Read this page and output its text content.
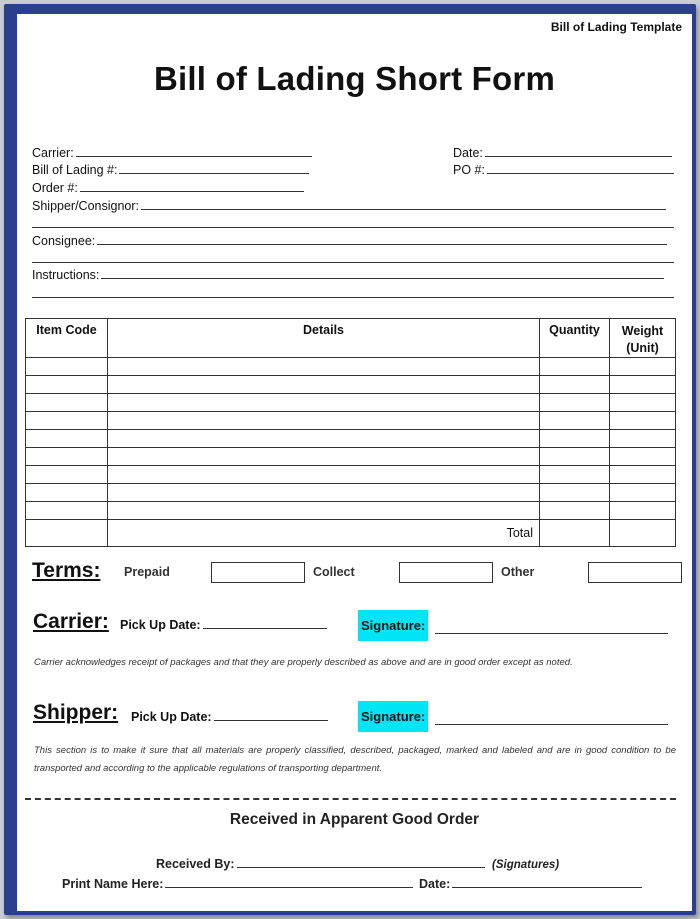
Bill of Lading Template
Bill of Lading Short Form
Carrier:
Bill of Lading #:
Order #:
Shipper/Consignor:
Consignee:
Instructions:
Date:
PO #:
Item Code	Details	Quantity	Weight (Unit)

	Total		
Terms: Prepaid	Collect	Other
Carrier: Pick Up Date:	Signature:
Carrier acknowledges receipt of packages and that they are properly described as above and are in good order except as noted.
Shipper: Pick Up Date:	Signature:
This section is to make it sure that all materials are properly classified, described, packaged, marked and labeled and are in good condition to be transported and according to the applicable regulations of transporting department.
Received in Apparent Good Order
Received By:	(Signatures)
Print Name Here:	Date:
